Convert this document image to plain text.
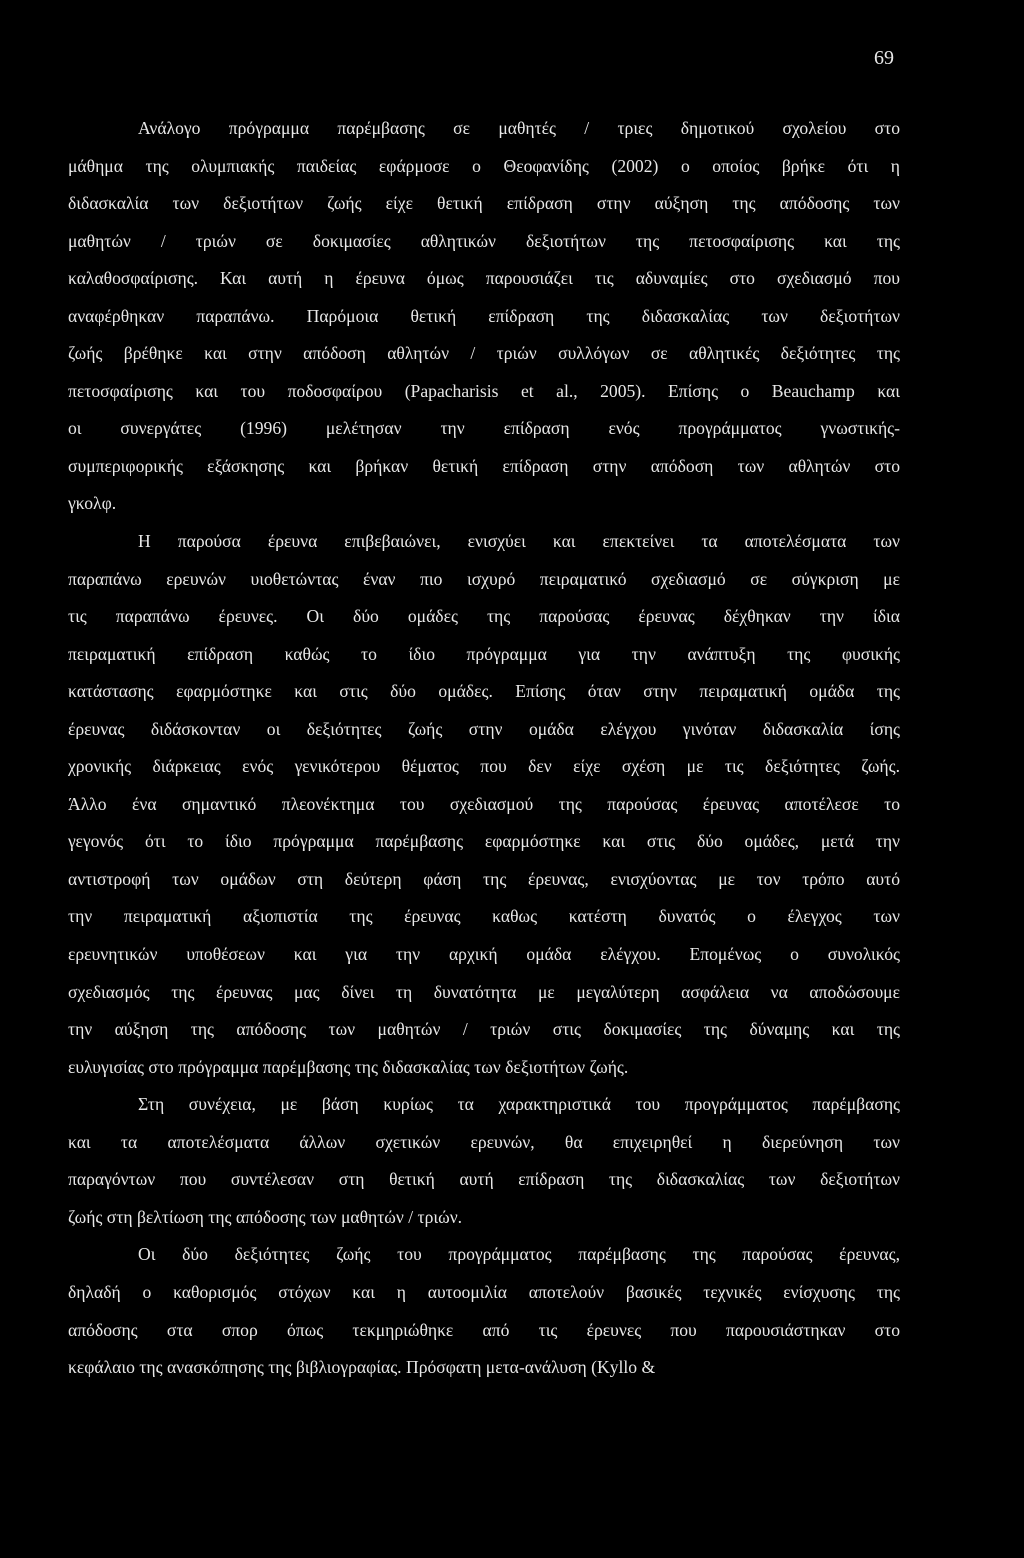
69
Ανάλογο πρόγραμμα παρέμβασης σε μαθητές / τριες δημοτικού σχολείου στο
μάθημα της ολυμπιακής παιδείας εφάρμοσε ο Θεοφανίδης (2002) ο οποίος βρήκε ότι η
διδασκαλία των δεξιοτήτων ζωής είχε θετική επίδραση στην αύξηση της απόδοσης των
μαθητών / τριών σε δοκιμασίες αθλητικών δεξιοτήτων της πετοσφαίρισης και της
καλαθοσφαίρισης. Και αυτή η έρευνα όμως παρουσιάζει τις αδυναμίες στο σχεδιασμό που
αναφέρθηκαν παραπάνω. Παρόμοια θετική επίδραση της διδασκαλίας των δεξιοτήτων
ζωής βρέθηκε και στην απόδοση αθλητών / τριών συλλόγων σε αθλητικές δεξιότητες της
πετοσφαίρισης και του ποδοσφαίρου (Papacharisis et al., 2005). Επίσης ο Beauchamp και
οι συνεργάτες (1996) μελέτησαν την επίδραση ενός προγράμματος γνωστικής-
συμπεριφορικής εξάσκησης και βρήκαν θετική επίδραση στην απόδοση των αθλητών στο
γκολφ.
Η παρούσα έρευνα επιβεβαιώνει, ενισχύει και επεκτείνει τα αποτελέσματα των
παραπάνω ερευνών υιοθετώντας έναν πιο ισχυρό πειραματικό σχεδιασμό σε σύγκριση με
τις παραπάνω έρευνες. Οι δύο ομάδες της παρούσας έρευνας δέχθηκαν την ίδια
πειραματική επίδραση καθώς το ίδιο πρόγραμμα για την ανάπτυξη της φυσικής
κατάστασης εφαρμόστηκε και στις δύο ομάδες. Επίσης όταν στην πειραματική ομάδα της
έρευνας διδάσκονταν οι δεξιότητες ζωής στην ομάδα ελέγχου γινόταν διδασκαλία ίσης
χρονικής διάρκειας ενός γενικότερου θέματος που δεν είχε σχέση με τις δεξιότητες ζωής.
Άλλο ένα σημαντικό πλεονέκτημα του σχεδιασμού της παρούσας έρευνας αποτέλεσε το
γεγονός ότι το ίδιο πρόγραμμα παρέμβασης εφαρμόστηκε και στις δύο ομάδες, μετά την
αντιστροφή των ομάδων στη δεύτερη φάση της έρευνας, ενισχύοντας με τον τρόπο αυτό
την πειραματική αξιοπιστία της έρευνας καθως κατέστη δυνατός ο έλεγχος των
ερευνητικών υποθέσεων και για την αρχική ομάδα ελέγχου. Επομένως ο συνολικός
σχεδιασμός της έρευνας μας δίνει τη δυνατότητα με μεγαλύτερη ασφάλεια να αποδώσουμε
την αύξηση της απόδοσης των μαθητών / τριών στις δοκιμασίες της δύναμης και της
ευλυγισίας στο πρόγραμμα παρέμβασης της διδασκαλίας των δεξιοτήτων ζωής.
Στη συνέχεια, με βάση κυρίως τα χαρακτηριστικά του προγράμματος παρέμβασης
και τα αποτελέσματα άλλων σχετικών ερευνών, θα επιχειρηθεί η διερεύνηση των
παραγόντων που συντέλεσαν στη θετική αυτή επίδραση της διδασκαλίας των δεξιοτήτων
ζωής στη βελτίωση της απόδοσης των μαθητών / τριών.
Οι δύο δεξιότητες ζωής του προγράμματος παρέμβασης της παρούσας έρευνας,
δηλαδή ο καθορισμός στόχων και η αυτοομιλία αποτελούν βασικές τεχνικές ενίσχυσης της
απόδοσης στα σπορ όπως τεκμηριώθηκε από τις έρευνες που παρουσιάστηκαν στο
κεφάλαιο της ανασκόπησης της βιβλιογραφίας. Πρόσφατη μετα-ανάλυση (Kyllo &
